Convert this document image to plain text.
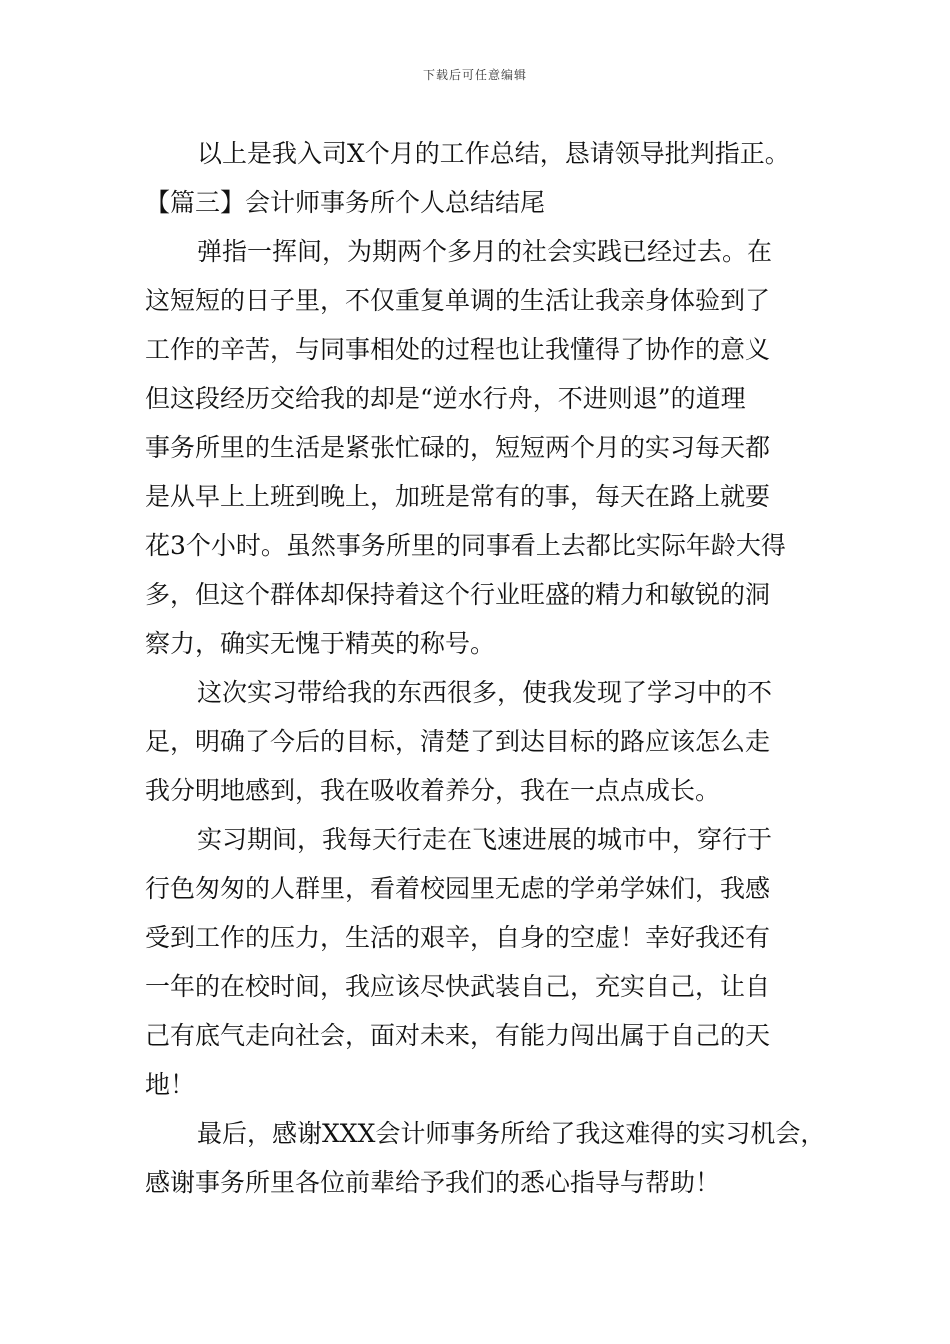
下载后可任意编辑
以上是我入司X个月的工作总结，恳请领导批判指正。
【篇三】会计师事务所个人总结结尾
弹指一挥间，为期两个多月的社会实践已经过去。在
这短短的日子里，不仅重复单调的生活让我亲身体验到了
工作的辛苦，与同事相处的过程也让我懂得了协作的意义
但这段经历交给我的却是“逆水行舟，不进则退”的道理
事务所里的生活是紧张忙碌的，短短两个月的实习每天都
是从早上上班到晚上，加班是常有的事，每天在路上就要
花3个小时。虽然事务所里的同事看上去都比实际年龄大得
多，但这个群体却保持着这个行业旺盛的精力和敏锐的洞
察力，确实无愧于精英的称号。
这次实习带给我的东西很多，使我发现了学习中的不
足，明确了今后的目标，清楚了到达目标的路应该怎么走
我分明地感到，我在吸收着养分，我在一点点成长。
实习期间，我每天行走在飞速进展的城市中，穿行于
行色匆匆的人群里，看着校园里无虑的学弟学妹们，我感
受到工作的压力，生活的艰辛，自身的空虚！幸好我还有
一年的在校时间，我应该尽快武装自己，充实自己，让自
己有底气走向社会，面对未来，有能力闯出属于自己的天
地！
最后，感谢XXX会计师事务所给了我这难得的实习机会，
感谢事务所里各位前辈给予我们的悉心指导与帮助！
